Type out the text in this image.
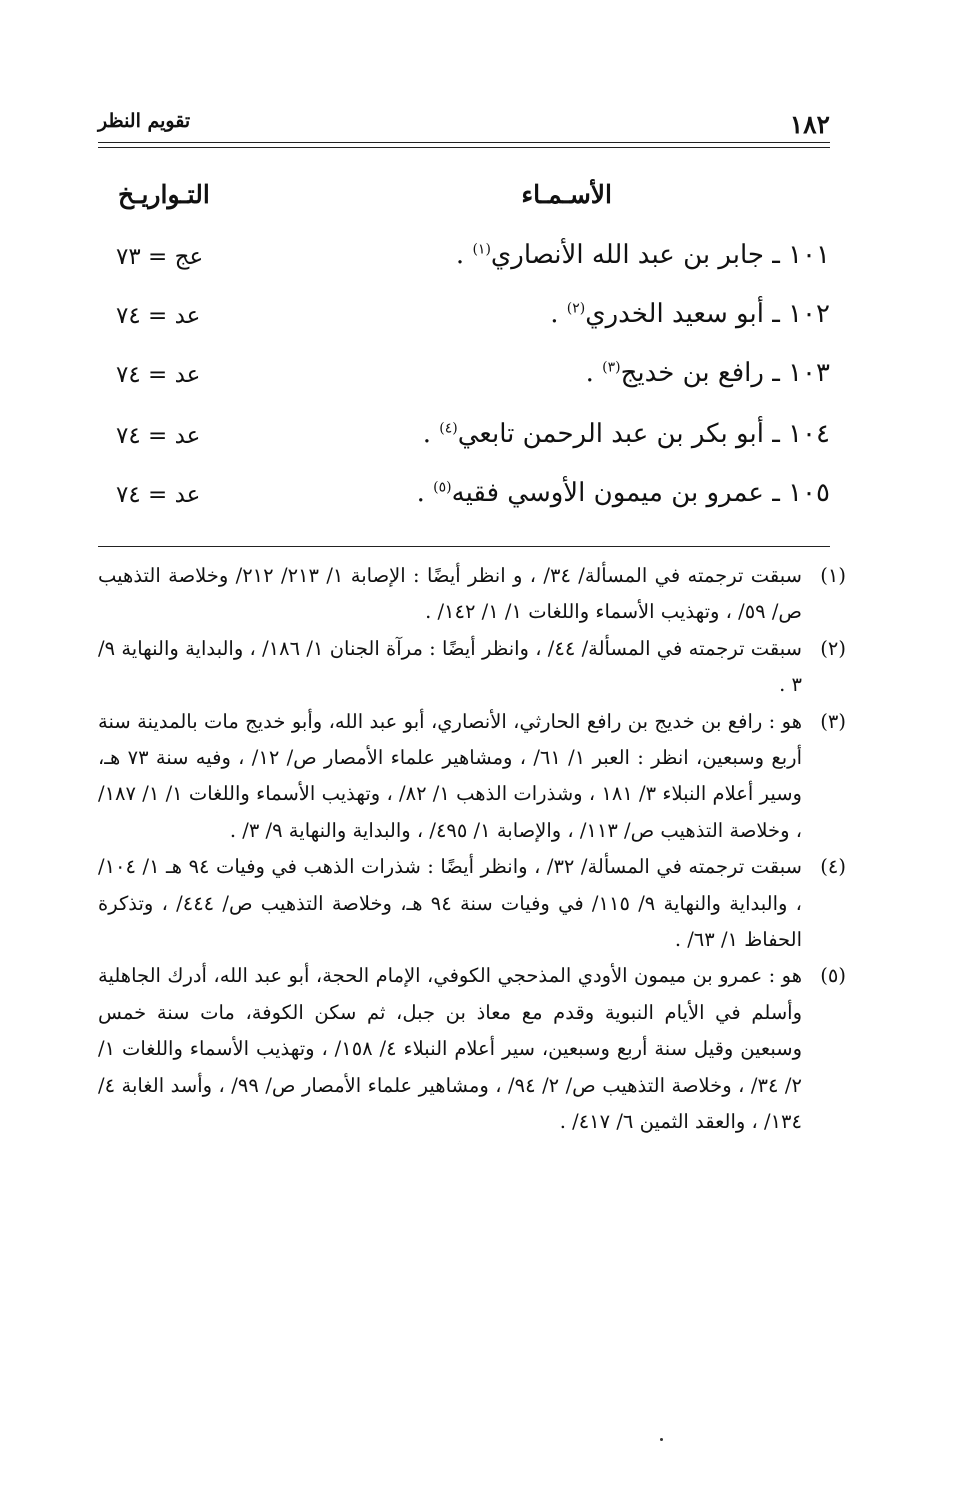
١٨٢
تقويم النظر
الأسـمـاء
التـواريـخ
١٠١ ـ جابر بن عبد الله الأنصاري$^{(١)}$ .
عج = ٧٣
١٠٢ ـ أبو سعيد الخدري$^{(٢)}$ .
عد = ٧٤
١٠٣ ـ رافع بن خديج$^{(٣)}$ .
عد = ٧٤
١٠٤ ـ أبو بكر بن عبد الرحمن تابعي$^{(٤)}$ .
عد = ٧٤
١٠٥ ـ عمرو بن ميمون الأوسي فقيه$^{(٥)}$ .
عد = ٧٤

(١)
سبقت ترجمته في المسألة/ ٣٤/ ، و انظر أيضًا : الإصابة ١/ ٢١٣/ ٢١٢/ وخلاصة التذهيب ص/ ٥٩/ ، وتهذيب الأسماء واللغات ١/ ١/ ١٤٢/ .

(٢)
سبقت ترجمته في المسألة/ ٤٤/ ، وانظر أيضًا : مرآة الجنان ١/ ١٨٦/ ، والبداية والنهاية ٩/ ٣ .

(٣)
هو : رافع بن خديج بن رافع الحارثي، الأنصاري، أبو عبد الله، وأبو خديج مات بالمدينة سنة أربع وسبعين، انظر : العبر ١/ ٦١/ ، ومشاهير علماء الأمصار ص/ ١٢/ ، وفيه سنة ٧٣ هـ، وسير أعلام النبلاء ٣/ ١٨١ ، وشذرات الذهب ١/ ٨٢/ ، وتهذيب الأسماء واللغات ١/ ١/ ١٨٧/ ، وخلاصة التذهيب ص/ ١١٣/ ، والإصابة ١/ ٤٩٥/ ، والبداية والنهاية ٩/ ٣/ .

(٤)
سبقت ترجمته في المسألة/ ٣٢/ ، وانظر أيضًا : شذرات الذهب في وفيات ٩٤ هـ ١/ ١٠٤/ ، والبداية والنهاية ٩/ ١١٥/ في وفيات سنة ٩٤ هـ، وخلاصة التذهيب ص/ ٤٤٤/ ، وتذكرة الحفاظ ١/ ٦٣/ .

(٥)
هو : عمرو بن ميمون الأودي المذحجي الكوفي، الإمام الحجة، أبو عبد الله، أدرك الجاهلية وأسلم في الأيام النبوية وقدم مع معاذ بن جبل، ثم سكن الكوفة، مات سنة خمس وسبعين وقيل سنة أربع وسبعين، سير أعلام النبلاء ٤/ ١٥٨/ ، وتهذيب الأسماء واللغات ١/ ٢/ ٣٤/ ، وخلاصة التذهيب ص/ ٢/ ٩٤/ ، ومشاهير علماء الأمصار ص/ ٩٩/ ، وأسد الغابة ٤/ ١٣٤/ ، والعقد الثمين ٦/ ٤١٧/ .
